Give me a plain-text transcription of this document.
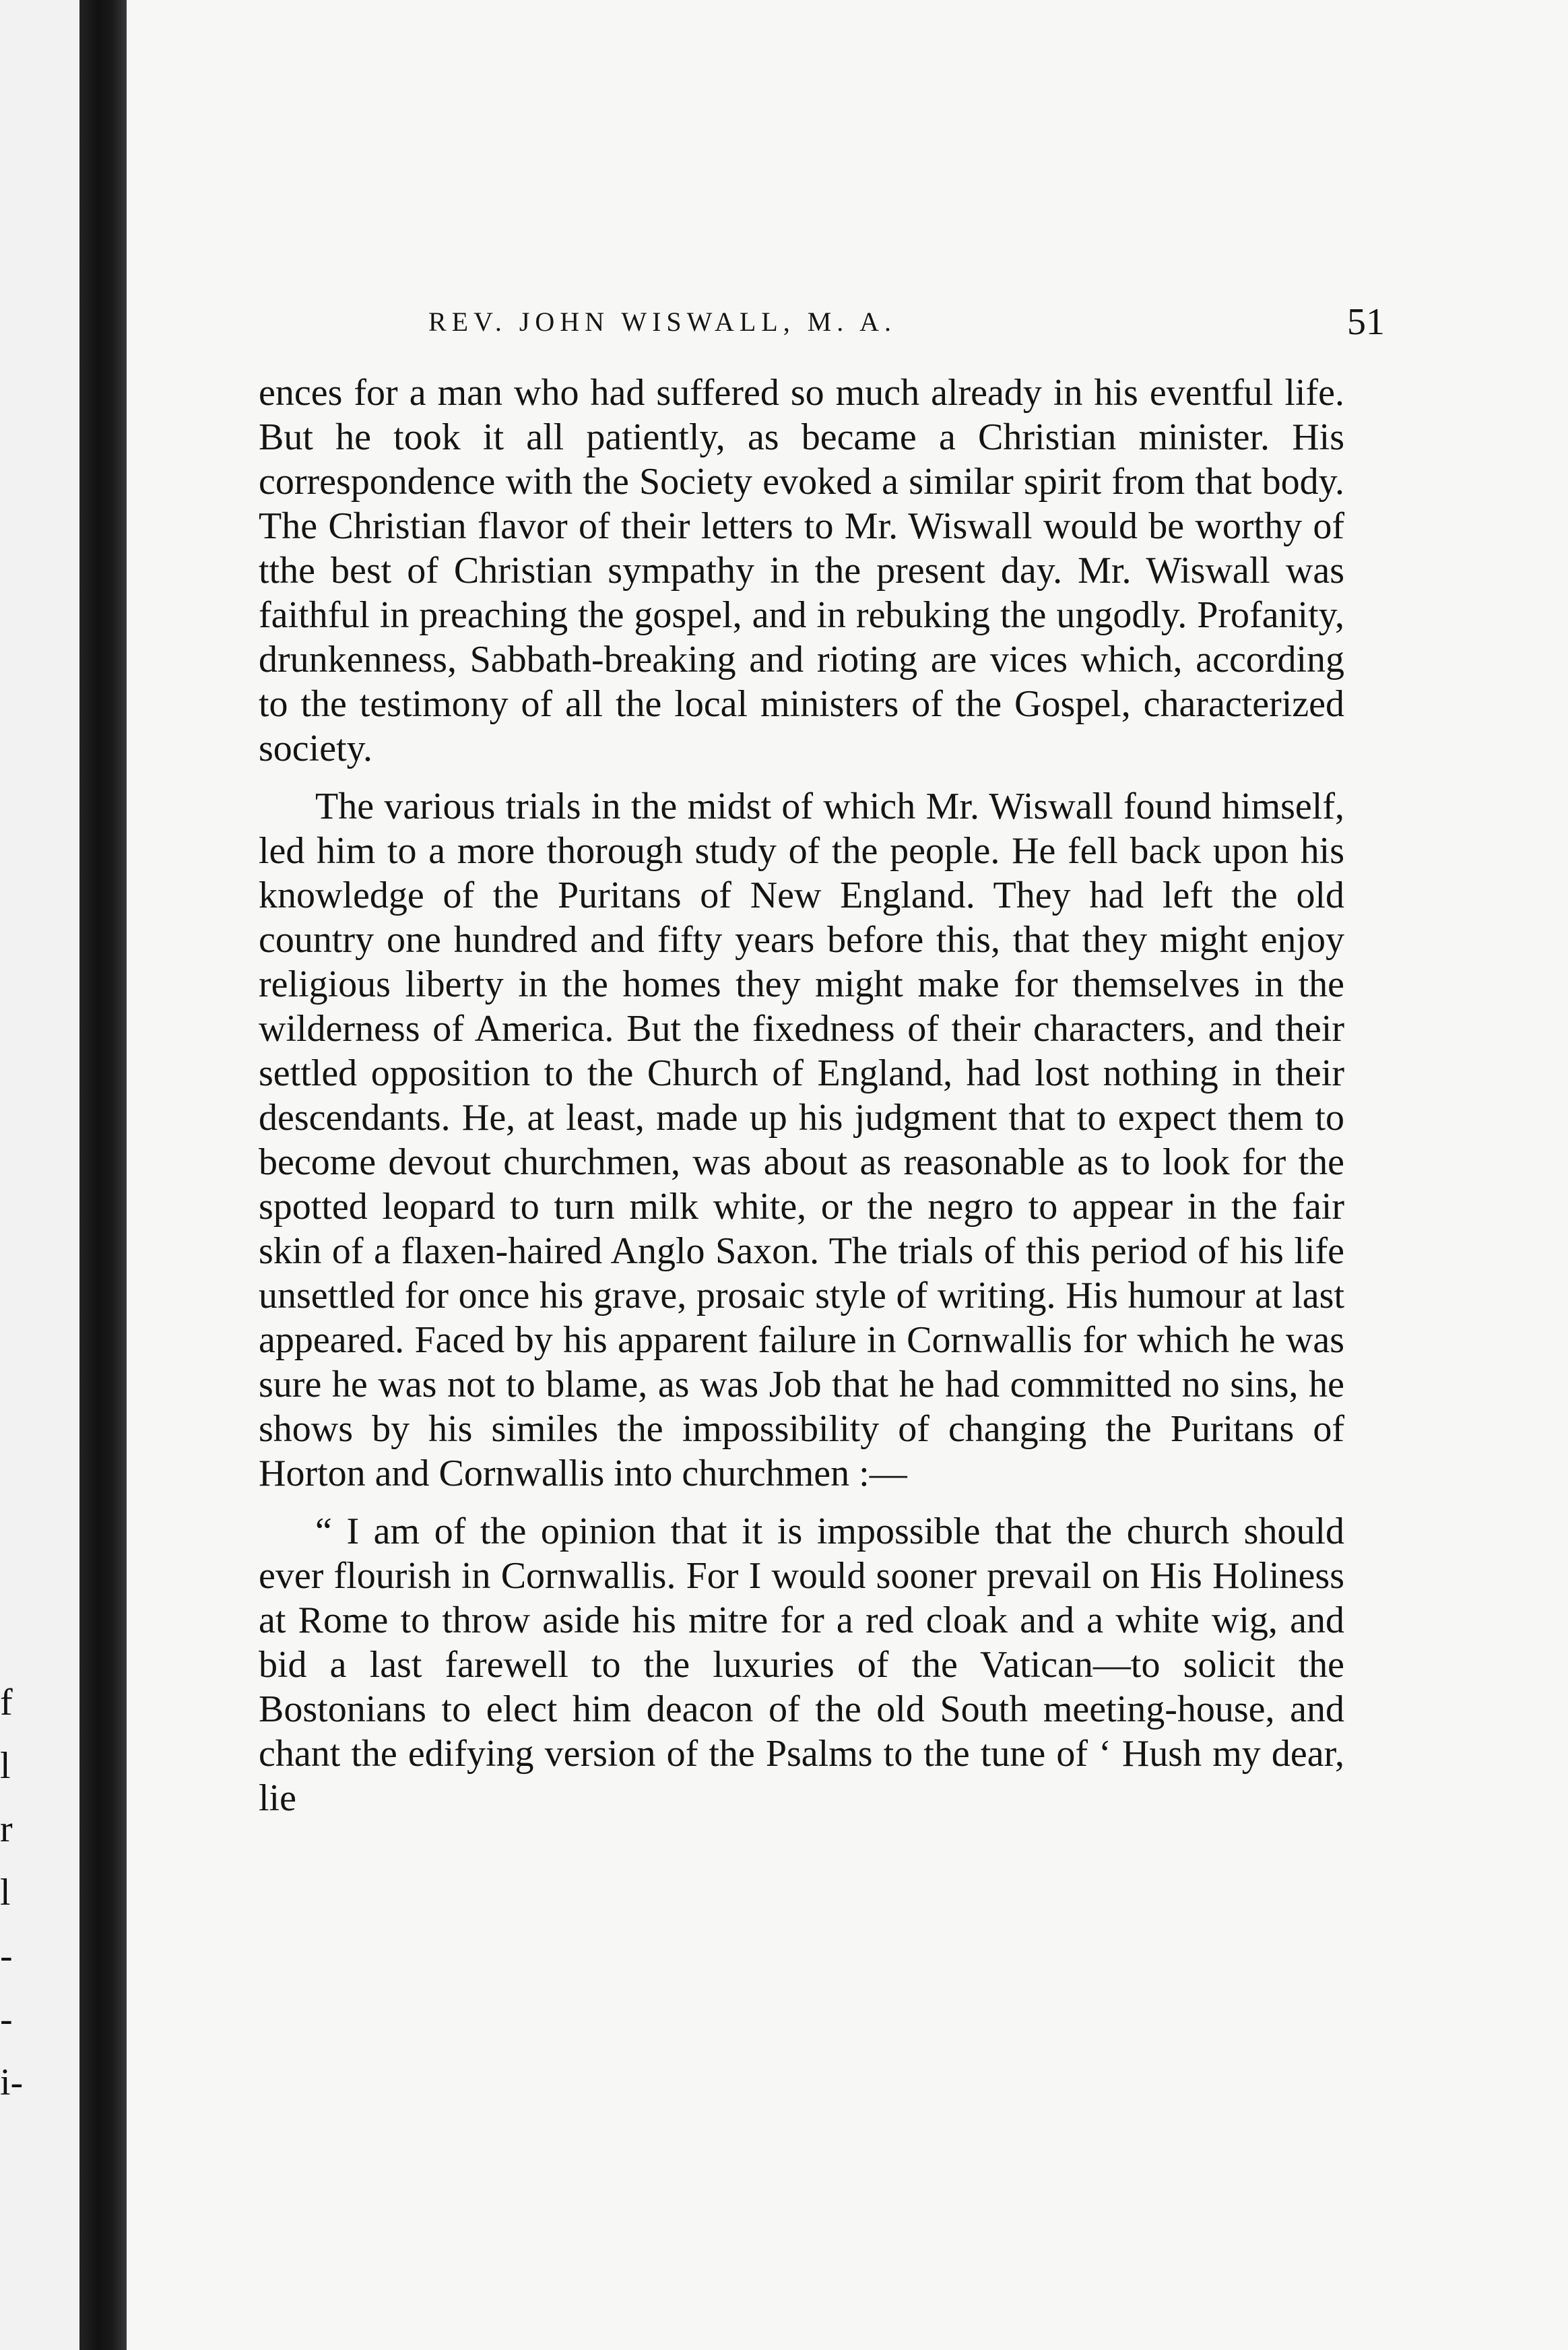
f
l
r
l
-
-
i-
REV. JOHN WISWALL, M. A.	51

ences for a man who had suffered so much already in his eventful life. But he took it all patiently, as became a Christian minister. His correspondence with the Society evoked a similar spirit from that body. The Christian flavor of their letters to Mr. Wiswall would be worthy of tthe best of Christian sympathy in the present day. Mr. Wiswall was faithful in preaching the gospel, and in rebuking the ungodly. Profanity, drunkenness, Sabbath-breaking and rioting are vices which, according to the testimony of all the local ministers of the Gospel, characterized society.

The various trials in the midst of which Mr. Wiswall found himself, led him to a more thorough study of the people. He fell back upon his knowledge of the Puritans of New England. They had left the old country one hundred and fifty years before this, that they might enjoy religious liberty in the homes they might make for themselves in the wilderness of America. But the fixedness of their characters, and their settled opposition to the Church of England, had lost nothing in their descendants. He, at least, made up his judgment that to expect them to become devout churchmen, was about as reasonable as to look for the spotted leopard to turn milk white, or the negro to appear in the fair skin of a flaxen-haired Anglo Saxon. The trials of this period of his life unsettled for once his grave, prosaic style of writing. His humour at last appeared. Faced by his apparent failure in Cornwallis for which he was sure he was not to blame, as was Job that he had committed no sins, he shows by his similes the impossibility of changing the Puritans of Horton and Cornwallis into churchmen :—

“ I am of the opinion that it is impossible that the church should ever flourish in Cornwallis. For I would sooner prevail on His Holiness at Rome to throw aside his mitre for a red cloak and a white wig, and bid a last farewell to the luxuries of the Vatican—to solicit the Bostonians to elect him deacon of the old South meeting-house, and chant the edifying version of the Psalms to the tune of ‘ Hush my dear, lie
